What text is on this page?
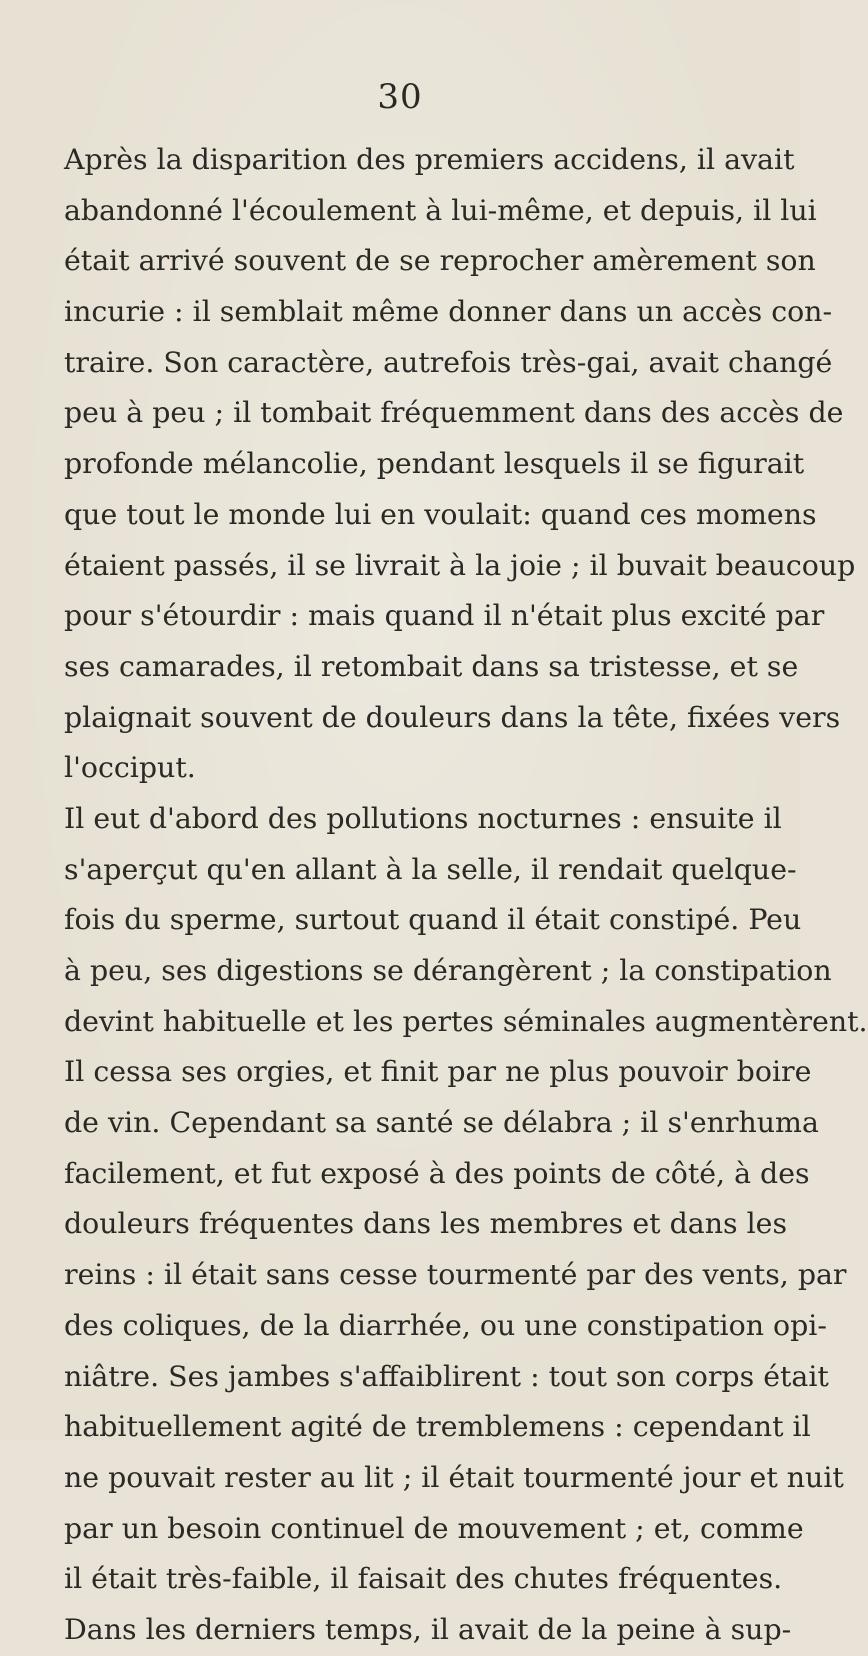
30
Après la disparition des premiers accidens, il avait
abandonné l'écoulement à lui-même, et depuis, il lui
était arrivé souvent de se reprocher amèrement son
incurie : il semblait même donner dans un accès con-
traire. Son caractère, autrefois très-gai, avait changé
peu à peu ; il tombait fréquemment dans des accès de
profonde mélancolie, pendant lesquels il se figurait
que tout le monde lui en voulait: quand ces momens
étaient passés, il se livrait à la joie ; il buvait beaucoup
pour s'étourdir : mais quand il n'était plus excité par
ses camarades, il retombait dans sa tristesse, et se
plaignait souvent de douleurs dans la tête, fixées vers
l'occiput.
Il eut d'abord des pollutions nocturnes : ensuite il
s'aperçut qu'en allant à la selle, il rendait quelque-
fois du sperme, surtout quand il était constipé. Peu
à peu, ses digestions se dérangèrent ; la constipation
devint habituelle et les pertes séminales augmentèrent.
Il cessa ses orgies, et finit par ne plus pouvoir boire
de vin. Cependant sa santé se délabra ; il s'enrhuma
facilement, et fut exposé à des points de côté, à des
douleurs fréquentes dans les membres et dans les
reins : il était sans cesse tourmenté par des vents, par
des coliques, de la diarrhée, ou une constipation opi-
niâtre. Ses jambes s'affaiblirent : tout son corps était
habituellement agité de tremblemens : cependant il
ne pouvait rester au lit ; il était tourmenté jour et nuit
par un besoin continuel de mouvement ; et, comme
il était très-faible, il faisait des chutes fréquentes.
Dans les derniers temps, il avait de la peine à sup-
